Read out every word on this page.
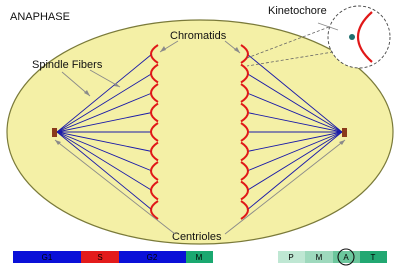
ANAPHASE
Chromatids
Kinetochore
Spindle Fibers
Centrioles
G1	S	G2	M	P	M	A	T
